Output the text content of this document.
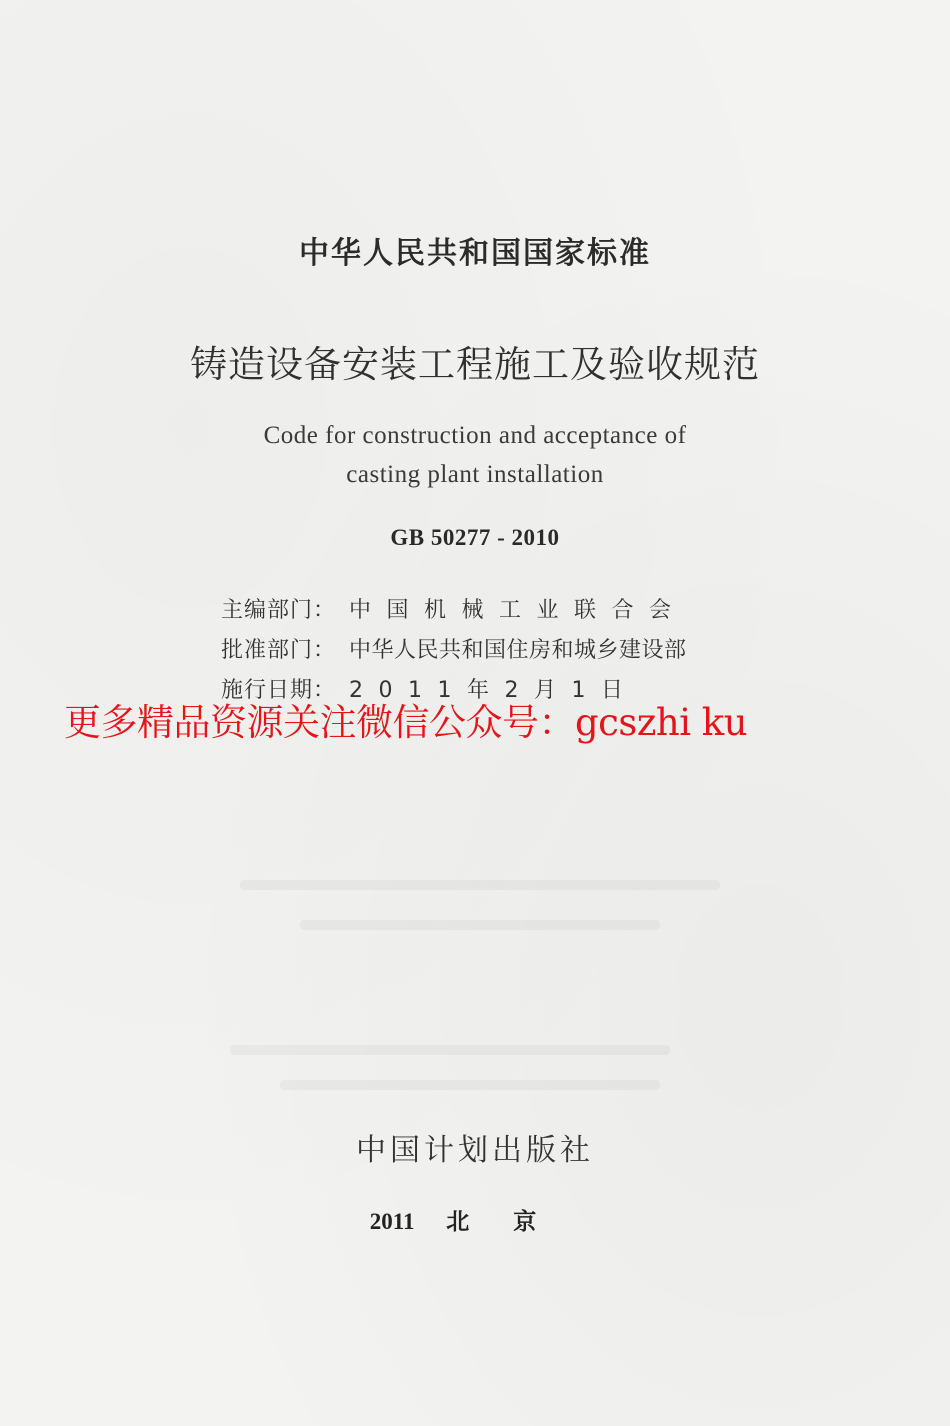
中华人民共和国国家标准
铸造设备安装工程施工及验收规范
Code for construction and acceptance of
casting plant installation
GB 50277 - 2010
主编部门： 中国机械工业联合会
批准部门： 中华人民共和国住房和城乡建设部
施行日期： 2011年2月1日
更多精品资源关注微信公众号：gcszhi ku
中国计划出版社
2011 北京
